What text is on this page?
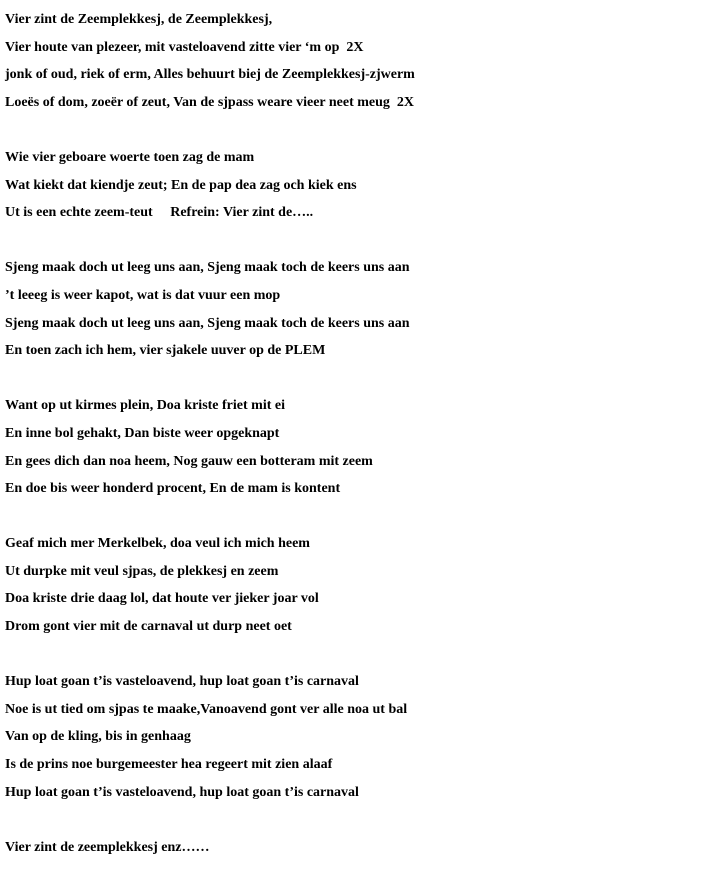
Vier zint de Zeemplekkesj, de Zeemplekkesj,
Vier houte van plezeer, mit vasteloavend zitte vier ‘m op  2X
jonk of oud, riek of erm, Alles behuurt biej de Zeemplekkesj-zjwerm
Loeës of dom, zoeër of zeut, Van de sjpass weare vieer neet meug  2X
Wie vier geboare woerte toen zag de mam
Wat kiekt dat kiendje zeut; En de pap dea zag och kiek ens
Ut is een echte zeem-teut     Refrein: Vier zint de…..
Sjeng maak doch ut leeg uns aan, Sjeng maak toch de keers uns aan
’t leeeg is weer kapot, wat is dat vuur een mop
Sjeng maak doch ut leeg uns aan, Sjeng maak toch de keers uns aan
En toen zach ich hem, vier sjakele uuver op de PLEM
Want op ut kirmes plein, Doa kriste friet mit ei
En inne bol gehakt, Dan biste weer opgeknapt
En gees dich dan noa heem, Nog gauw een botteram mit zeem
En doe bis weer honderd procent, En de mam is kontent
Geaf mich mer Merkelbek, doa veul ich mich heem
Ut durpke mit veul sjpas, de plekkesj en zeem
Doa kriste drie daag lol, dat houte ver jieker joar vol
Drom gont vier mit de carnaval ut durp neet oet
Hup loat goan t’is vasteloavend, hup loat goan t’is carnaval
Noe is ut tied om sjpas te maake,Vanoavend gont ver alle noa ut bal
Van op de kling, bis in genhaag
Is de prins noe burgemeester hea regeert mit zien alaaf
Hup loat goan t’is vasteloavend, hup loat goan t’is carnaval
Vier zint de zeemplekkesj enz……
